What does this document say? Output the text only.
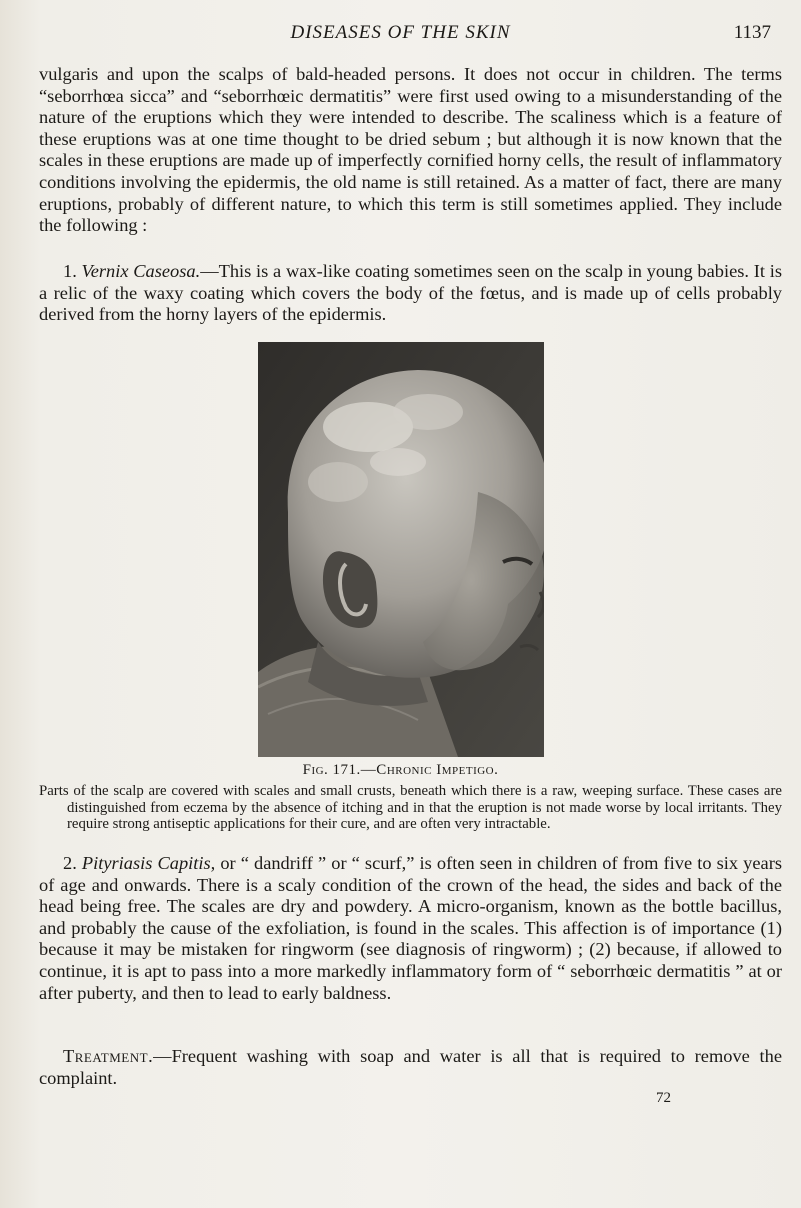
DISEASES OF THE SKIN	1137

vulgaris and upon the scalps of bald-headed persons. It does not occur in children. The terms “seborrhœa sicca” and “seborrhœic dermatitis” were first used owing to a misunderstanding of the nature of the eruptions which they were intended to describe. The scaliness which is a feature of these eruptions was at one time thought to be dried sebum ; but although it is now known that the scales in these eruptions are made up of imperfectly cornified horny cells, the result of inflammatory conditions involving the epidermis, the old name is still retained. As a matter of fact, there are many eruptions, probably of different nature, to which this term is still sometimes applied. They include the following :

1. Vernix Caseosa.—This is a wax-like coating sometimes seen on the scalp in young babies. It is a relic of the waxy coating which covers the body of the fœtus, and is made up of cells probably derived from the horny layers of the epidermis.

Fig. 171.—Chronic Impetigo.

Parts of the scalp are covered with scales and small crusts, beneath which there is a raw, weeping surface. These cases are distinguished from eczema by the absence of itching and in that the eruption is not made worse by local irritants. They require strong antiseptic applications for their cure, and are often very intractable.

2. Pityriasis Capitis, or “ dandriff ” or “ scurf,” is often seen in children of from five to six years of age and onwards. There is a scaly condition of the crown of the head, the sides and back of the head being free. The scales are dry and powdery. A micro-organism, known as the bottle bacillus, and probably the cause of the exfoliation, is found in the scales. This affection is of importance (1) because it may be mistaken for ringworm (see diagnosis of ringworm) ; (2) because, if allowed to continue, it is apt to pass into a more markedly inflammatory form of “ seborrhœic dermatitis ” at or after puberty, and then to lead to early baldness.

Treatment.—Frequent washing with soap and water is all that is required to remove the complaint.

72
